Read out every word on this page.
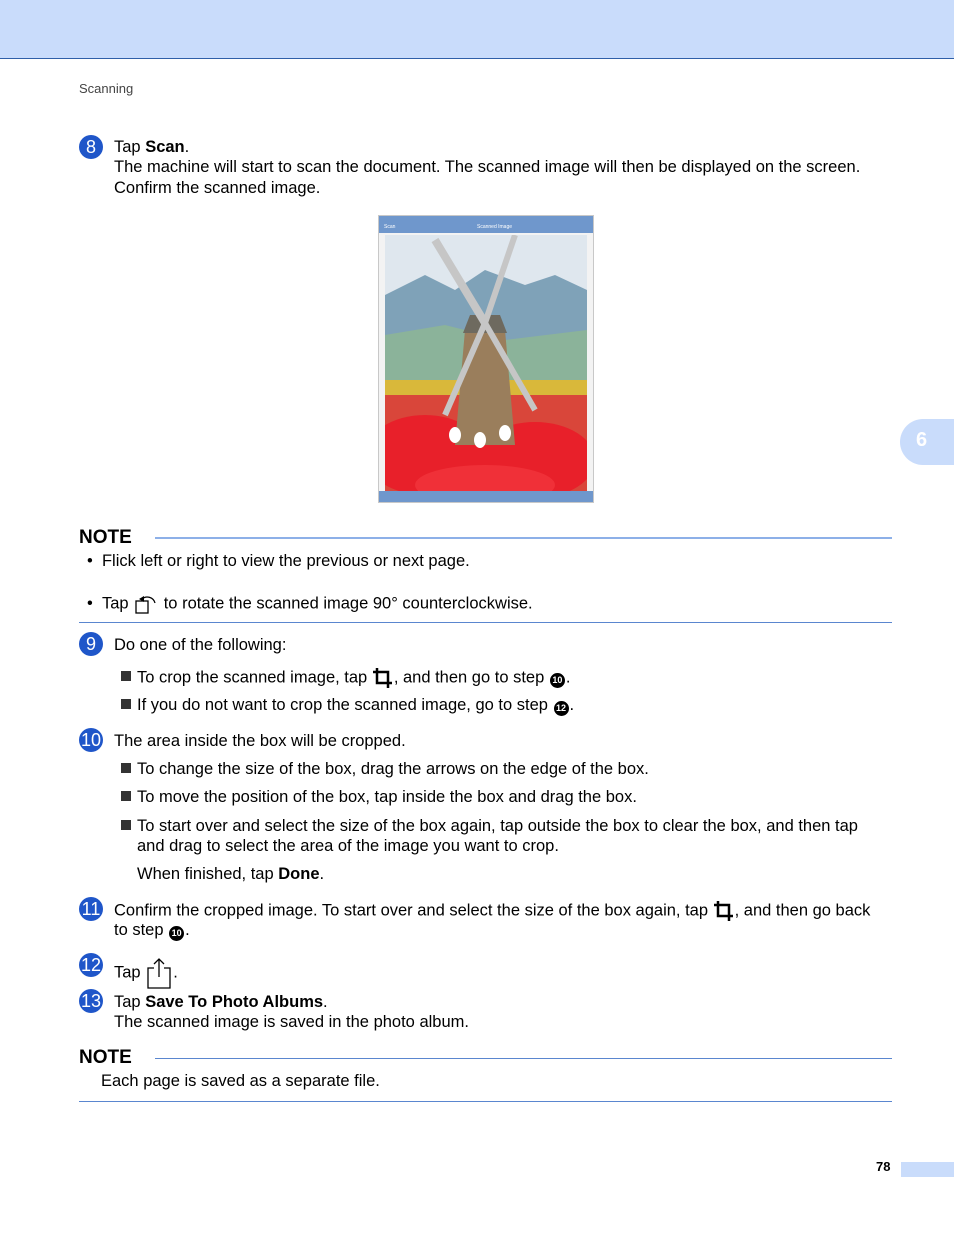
Scanning
6
8	Tap Scan.
The machine will start to scan the document. The scanned image will then be displayed on the screen.
Confirm the scanned image.
Scan	Scanned Image
NOTE
•  Flick left or right to view the previous or next page.
•  Tap  to rotate the scanned image 90° counterclockwise.
9	Do one of the following:
To crop the scanned image, tap , and then go to step 10 .
If you do not want to crop the scanned image, go to step 12 .
10 The area inside the box will be cropped.
To change the size of the box, drag the arrows on the edge of the box.
To move the position of the box, tap inside the box and drag the box.
To start over and select the size of the box again, tap outside the box to clear the box, and then tap
and drag to select the area of the image you want to crop.
When finished, tap Done.
11 Confirm the cropped image. To start over and select the size of the box again, tap , and then go back
to step 10 .
12 Tap .
13 Tap Save To Photo Albums.
The scanned image is saved in the photo album.
NOTE
Each page is saved as a separate file.
78
